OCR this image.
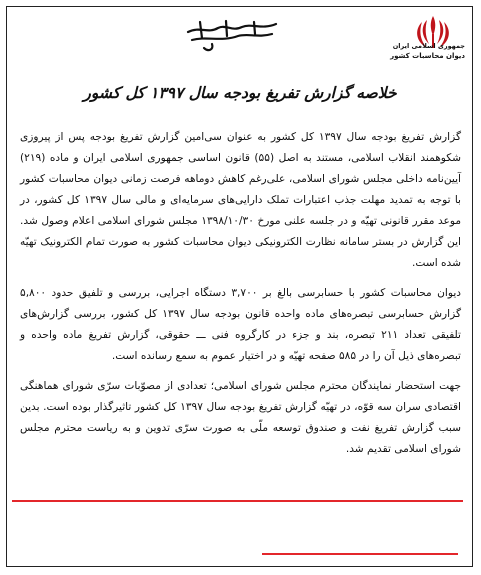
جمهوری اسلامی ایران
دیوان محاسبات کشور
خلاصه گزارش تفریغ بودجه سال ۱۳۹۷ کل کشور

گزارش تفریغ بودجه سال ۱۳۹۷ کل کشور به عنوان سی‌امین گزارش تفریغ بودجه پس از پیروزی شکوهمند انقلاب اسلامی، مستند به اصل (۵۵) قانون اساسی جمهوری اسلامی ایران و ماده (۲۱۹) آیین‌نامه داخلی مجلس شورای اسلامی، علی‌رغم کاهش دوماهه فرصت زمانی دیوان محاسبات کشور با توجه به تمدید مهلت جذب اعتبارات تملک دارایی‌های سرمایه‌ای و مالی سال ۱۳۹۷ کل کشور، در موعد مقرر قانونی تهیّه و در جلسه علنی مورخ ۱۳۹۸/۱۰/۳۰ مجلس شورای اسلامی اعلام وصول شد. این گزارش در بستر سامانه نظارت الکترونیکی دیوان محاسبات کشور به صورت تمام الکترونیک تهیّه شده است.

دیوان محاسبات کشور با حسابرسی بالغ بر ۳,۷۰۰ دستگاه اجرایی، بررسی و تلفیق حدود ۵,۸۰۰ گزارش حسابرسی تبصره‌های ماده واحده قانون بودجه سال ۱۳۹۷ کل کشور، بررسی گزارش‌های تلفیقی تعداد ۲۱۱ تبصره، بند و جزء در کارگروه فنی ـــ حقوقی، گزارش تفریغ ماده واحده و تبصره‌های ذیل آن را در ۵۸۵ صفحه تهیّه و در اختیار عموم به سمع رسانده است.

جهت استحضار نمایندگان محترم مجلس شورای اسلامی؛ تعدادی از مصوّبات سرّی شورای هماهنگی اقتصادی سران سه قوّه، در تهیّه گزارش تفریغ بودجه سال ۱۳۹۷ کل کشور تاثیرگذار بوده است. بدین سبب گزارش تفریغ نفت و صندوق توسعه ملّی به صورت سرّی تدوین و به ریاست محترم مجلس شورای اسلامی تقدیم شد.
